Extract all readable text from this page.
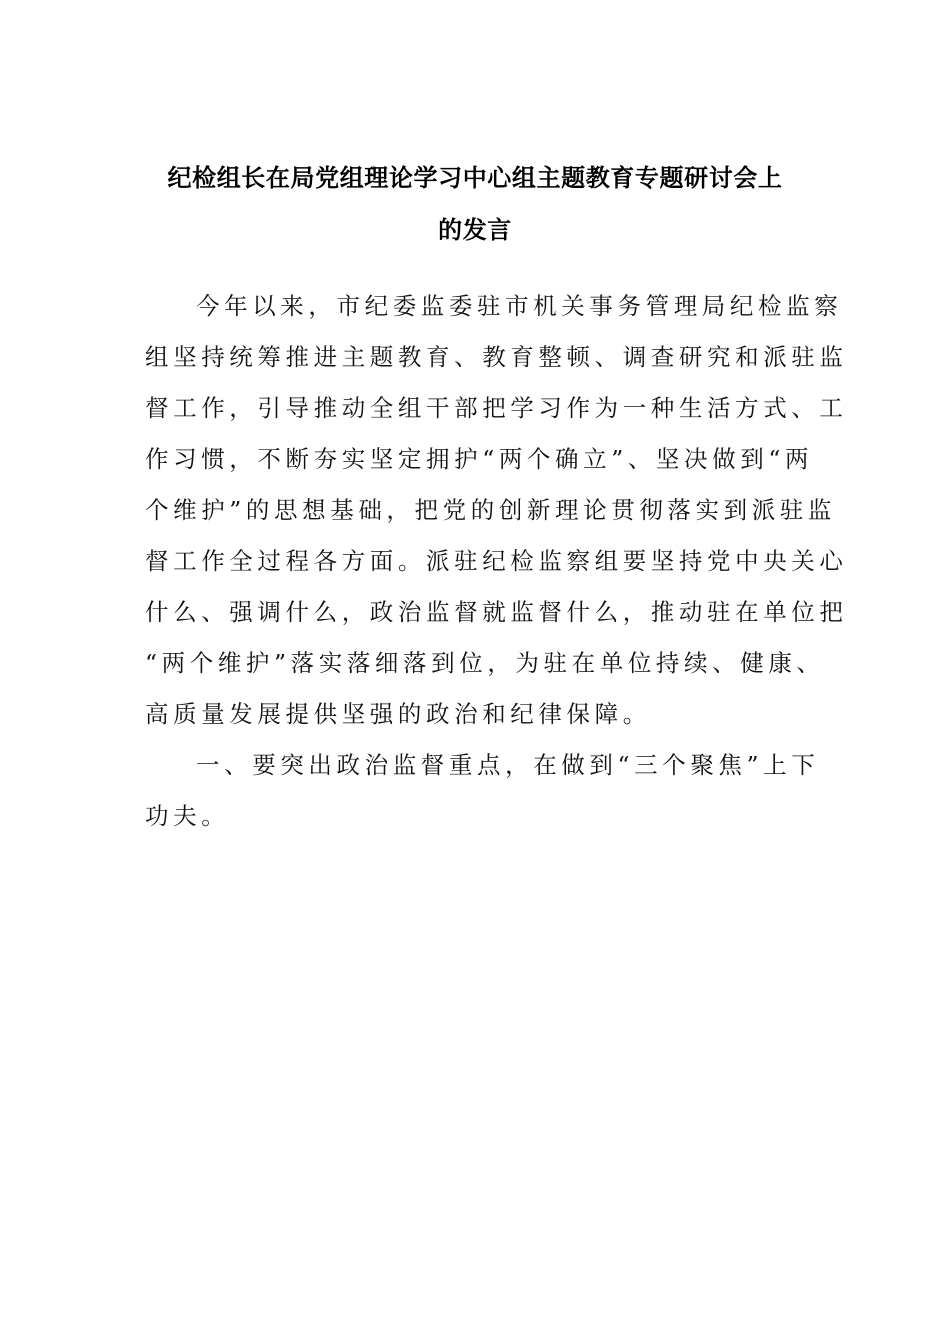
纪检组长在局党组理论学习中心组主题教育专题研讨会上
的发言
今年以来，市纪委监委驻市机关事务管理局纪检监察
组坚持统筹推进主题教育、教育整顿、调查研究和派驻监
督工作，引导推动全组干部把学习作为一种生活方式、工
作习惯，不断夯实坚定拥护“两个确立”、坚决做到“两
个维护”的思想基础，把党的创新理论贯彻落实到派驻监
督工作全过程各方面。派驻纪检监察组要坚持党中央关心
什么、强调什么，政治监督就监督什么，推动驻在单位把
“两个维护”落实落细落到位，为驻在单位持续、健康、
高质量发展提供坚强的政治和纪律保障。
一、要突出政治监督重点，在做到“三个聚焦”上下
功夫。
